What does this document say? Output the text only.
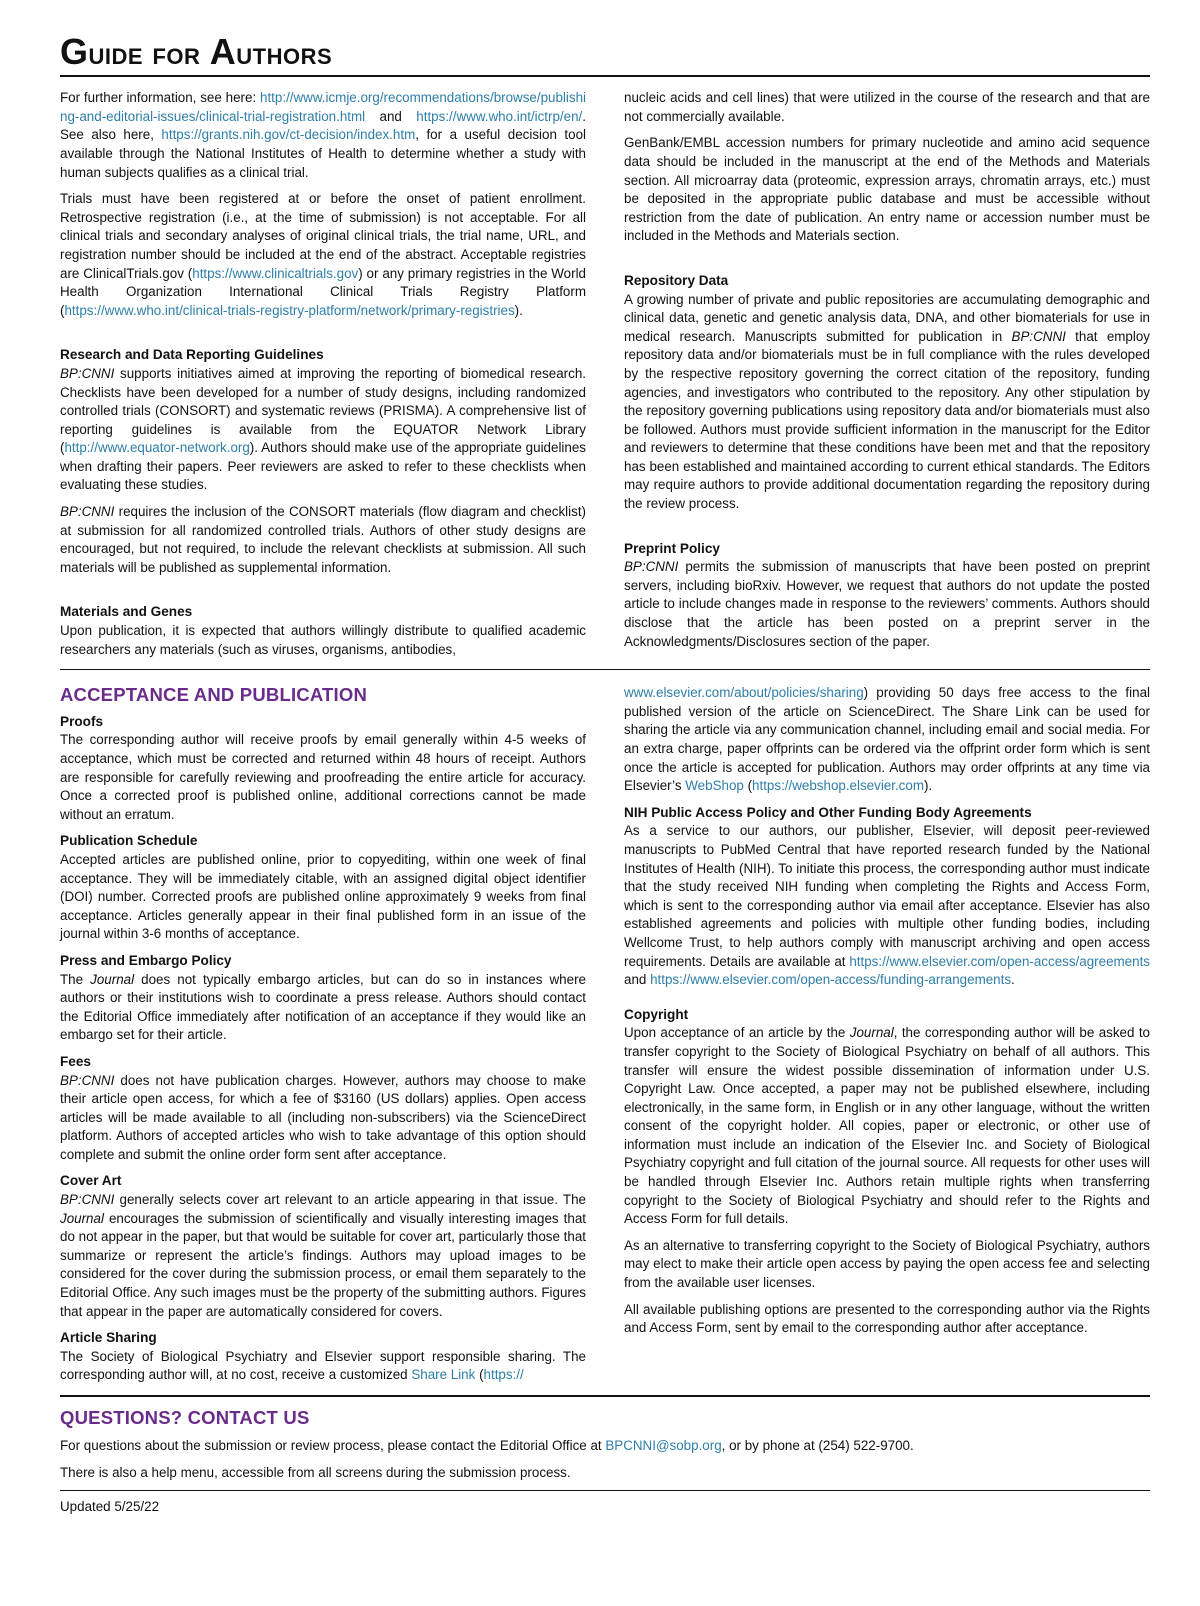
Guide for Authors

For further information, see here: http://www.icmje.org/recommendations/browse/publishing-and-editorial-issues/clinical-trial-registration.html and https://www.who.int/ictrp/en/. See also here, https://grants.nih.gov/ct-decision/index.htm, for a useful decision tool available through the National Institutes of Health to determine whether a study with human subjects qualifies as a clinical trial.

Trials must have been registered at or before the onset of patient enrollment. Retrospective registration (i.e., at the time of submission) is not acceptable. For all clinical trials and secondary analyses of original clinical trials, the trial name, URL, and registration number should be included at the end of the abstract. Acceptable registries are ClinicalTrials.gov (https://www.clinicaltrials.gov) or any primary registries in the World Health Organization International Clinical Trials Registry Platform (https://www.who.int/clinical-trials-registry-platform/network/primary-registries).

Research and Data Reporting Guidelines

BP:CNNI supports initiatives aimed at improving the reporting of biomedical research. Checklists have been developed for a number of study designs, including randomized controlled trials (CONSORT) and systematic reviews (PRISMA). A comprehensive list of reporting guidelines is available from the EQUATOR Network Library (http://www.equator-network.org). Authors should make use of the appropriate guidelines when drafting their papers. Peer reviewers are asked to refer to these checklists when evaluating these studies.

BP:CNNI requires the inclusion of the CONSORT materials (flow diagram and checklist) at submission for all randomized controlled trials. Authors of other study designs are encouraged, but not required, to include the relevant checklists at submission. All such materials will be published as supplemental information.

Materials and Genes

Upon publication, it is expected that authors willingly distribute to qualified academic researchers any materials (such as viruses, organisms, antibodies,

nucleic acids and cell lines) that were utilized in the course of the research and that are not commercially available.

GenBank/EMBL accession numbers for primary nucleotide and amino acid sequence data should be included in the manuscript at the end of the Methods and Materials section. All microarray data (proteomic, expression arrays, chromatin arrays, etc.) must be deposited in the appropriate public database and must be accessible without restriction from the date of publication. An entry name or accession number must be included in the Methods and Materials section.

Repository Data

A growing number of private and public repositories are accumulating demographic and clinical data, genetic and genetic analysis data, DNA, and other biomaterials for use in medical research. Manuscripts submitted for publication in BP:CNNI that employ repository data and/or biomaterials must be in full compliance with the rules developed by the respective repository governing the correct citation of the repository, funding agencies, and investigators who contributed to the repository. Any other stipulation by the repository governing publications using repository data and/or biomaterials must also be followed. Authors must provide sufficient information in the manuscript for the Editor and reviewers to determine that these conditions have been met and that the repository has been established and maintained according to current ethical standards. The Editors may require authors to provide additional documentation regarding the repository during the review process.

Preprint Policy

BP:CNNI permits the submission of manuscripts that have been posted on preprint servers, including bioRxiv. However, we request that authors do not update the posted article to include changes made in response to the reviewers’ comments. Authors should disclose that the article has been posted on a preprint server in the Acknowledgments/Disclosures section of the paper.

ACCEPTANCE AND PUBLICATION
Proofs

The corresponding author will receive proofs by email generally within 4-5 weeks of acceptance, which must be corrected and returned within 48 hours of receipt. Authors are responsible for carefully reviewing and proofreading the entire article for accuracy. Once a corrected proof is published online, additional corrections cannot be made without an erratum.

Publication Schedule

Accepted articles are published online, prior to copyediting, within one week of final acceptance. They will be immediately citable, with an assigned digital object identifier (DOI) number. Corrected proofs are published online approximately 9 weeks from final acceptance. Articles generally appear in their final published form in an issue of the journal within 3-6 months of acceptance.

Press and Embargo Policy

The Journal does not typically embargo articles, but can do so in instances where authors or their institutions wish to coordinate a press release. Authors should contact the Editorial Office immediately after notification of an acceptance if they would like an embargo set for their article.

Fees

BP:CNNI does not have publication charges. However, authors may choose to make their article open access, for which a fee of $3160 (US dollars) applies. Open access articles will be made available to all (including non-subscribers) via the ScienceDirect platform. Authors of accepted articles who wish to take advantage of this option should complete and submit the online order form sent after acceptance.

Cover Art

BP:CNNI generally selects cover art relevant to an article appearing in that issue. The Journal encourages the submission of scientifically and visually interesting images that do not appear in the paper, but that would be suitable for cover art, particularly those that summarize or represent the article’s findings. Authors may upload images to be considered for the cover during the submission process, or email them separately to the Editorial Office. Any such images must be the property of the submitting authors. Figures that appear in the paper are automatically considered for covers.

Article Sharing

The Society of Biological Psychiatry and Elsevier support responsible sharing. The corresponding author will, at no cost, receive a customized Share Link (https://

www.elsevier.com/about/policies/sharing) providing 50 days free access to the final published version of the article on ScienceDirect. The Share Link can be used for sharing the article via any communication channel, including email and social media. For an extra charge, paper offprints can be ordered via the offprint order form which is sent once the article is accepted for publication. Authors may order offprints at any time via Elsevier’s WebShop (https://webshop.elsevier.com).

NIH Public Access Policy and Other Funding Body Agreements

As a service to our authors, our publisher, Elsevier, will deposit peer-reviewed manuscripts to PubMed Central that have reported research funded by the National Institutes of Health (NIH). To initiate this process, the corresponding author must indicate that the study received NIH funding when completing the Rights and Access Form, which is sent to the corresponding author via email after acceptance. Elsevier has also established agreements and policies with multiple other funding bodies, including Wellcome Trust, to help authors comply with manuscript archiving and open access requirements. Details are available at https://www.elsevier.com/open-access/agreements and https://www.elsevier.com/open-access/funding-arrangements.

Copyright

Upon acceptance of an article by the Journal, the corresponding author will be asked to transfer copyright to the Society of Biological Psychiatry on behalf of all authors. This transfer will ensure the widest possible dissemination of information under U.S. Copyright Law. Once accepted, a paper may not be published elsewhere, including electronically, in the same form, in English or in any other language, without the written consent of the copyright holder. All copies, paper or electronic, or other use of information must include an indication of the Elsevier Inc. and Society of Biological Psychiatry copyright and full citation of the journal source. All requests for other uses will be handled through Elsevier Inc. Authors retain multiple rights when transferring copyright to the Society of Biological Psychiatry and should refer to the Rights and Access Form for full details.

As an alternative to transferring copyright to the Society of Biological Psychiatry, authors may elect to make their article open access by paying the open access fee and selecting from the available user licenses.

All available publishing options are presented to the corresponding author via the Rights and Access Form, sent by email to the corresponding author after acceptance.

QUESTIONS? CONTACT US
For questions about the submission or review process, please contact the Editorial Office at BPCNNI@sobp.org, or by phone at (254) 522-9700.
There is also a help menu, accessible from all screens during the submission process.
Updated 5/25/22
